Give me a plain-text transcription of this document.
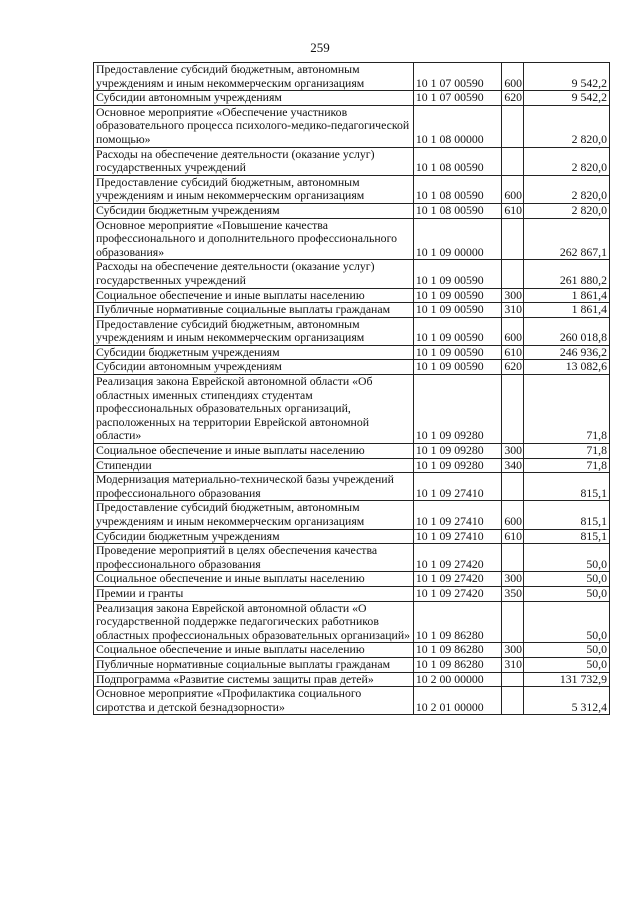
259
Предоставление субсидий бюджетным, автономным учреждениям и иным некоммерческим организациям	10 1 07 00590	600	9 542,2
Субсидии автономным учреждениям	10 1 07 00590	620	9 542,2
Основное мероприятие «Обеспечение участников образовательного процесса психолого-медико-педагогической помощью»	10 1 08 00000		2 820,0
Расходы на обеспечение деятельности (оказание услуг) государственных учреждений	10 1 08 00590		2 820,0
Предоставление субсидий бюджетным, автономным учреждениям и иным некоммерческим организациям	10 1 08 00590	600	2 820,0
Субсидии бюджетным учреждениям	10 1 08 00590	610	2 820,0
Основное мероприятие «Повышение качества профессионального и дополнительного профессионального образования»	10 1 09 00000		262 867,1
Расходы на обеспечение деятельности (оказание услуг) государственных учреждений	10 1 09 00590		261 880,2
Социальное обеспечение и иные выплаты населению	10 1 09 00590	300	1 861,4
Публичные нормативные социальные выплаты гражданам	10 1 09 00590	310	1 861,4
Предоставление субсидий бюджетным, автономным учреждениям и иным некоммерческим организациям	10 1 09 00590	600	260 018,8
Субсидии бюджетным учреждениям	10 1 09 00590	610	246 936,2
Субсидии автономным учреждениям	10 1 09 00590	620	13 082,6
Реализация закона Еврейской автономной области «Об областных именных стипендиях студентам профессиональных образовательных организаций, расположенных на территории Еврейской автономной области»	10 1 09 09280		71,8
Социальное обеспечение и иные выплаты населению	10 1 09 09280	300	71,8
Стипендии	10 1 09 09280	340	71,8
Модернизация материально-технической базы учреждений профессионального образования	10 1 09 27410		815,1
Предоставление субсидий бюджетным, автономным учреждениям и иным некоммерческим организациям	10 1 09 27410	600	815,1
Субсидии бюджетным учреждениям	10 1 09 27410	610	815,1
Проведение мероприятий в целях обеспечения качества профессионального образования	10 1 09 27420		50,0
Социальное обеспечение и иные выплаты населению	10 1 09 27420	300	50,0
Премии и гранты	10 1 09 27420	350	50,0
Реализация закона Еврейской автономной области «О государственной поддержке педагогических работников областных профессиональных образовательных организаций»	10 1 09 86280		50,0
Социальное обеспечение и иные выплаты населению	10 1 09 86280	300	50,0
Публичные нормативные социальные выплаты гражданам	10 1 09 86280	310	50,0
Подпрограмма «Развитие системы защиты прав детей»	10 2 00 00000		131 732,9
Основное мероприятие «Профилактика социального сиротства и детской безнадзорности»	10 2 01 00000		5 312,4
